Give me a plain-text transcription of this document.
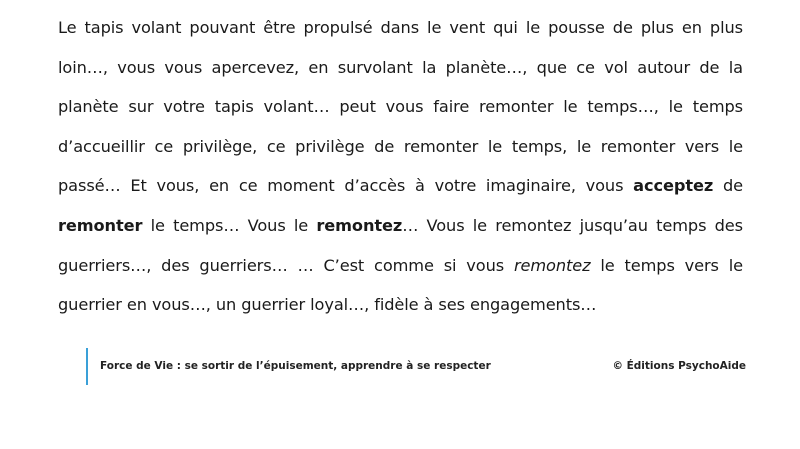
Le tapis volant pouvant être propulsé dans le vent qui le pousse de plus en plus loin…, vous vous apercevez, en survolant la planète…, que ce vol autour de la planète sur votre tapis volant… peut vous faire remonter le temps…, le temps d’accueillir ce privilège, ce privilège de remonter le temps, le remonter vers le passé… Et vous, en ce moment d’accès à votre imaginaire, vous acceptez de remonter le temps… Vous le remontez… Vous le remontez jusqu’au temps des guerriers…, des guerriers… … C’est comme si vous remontez le temps vers le guerrier en vous…, un guerrier loyal…, fidèle à ses engagements…

Force de Vie : se sortir de l’épuisement, apprendre à se respecter	© Éditions PsychoAide
